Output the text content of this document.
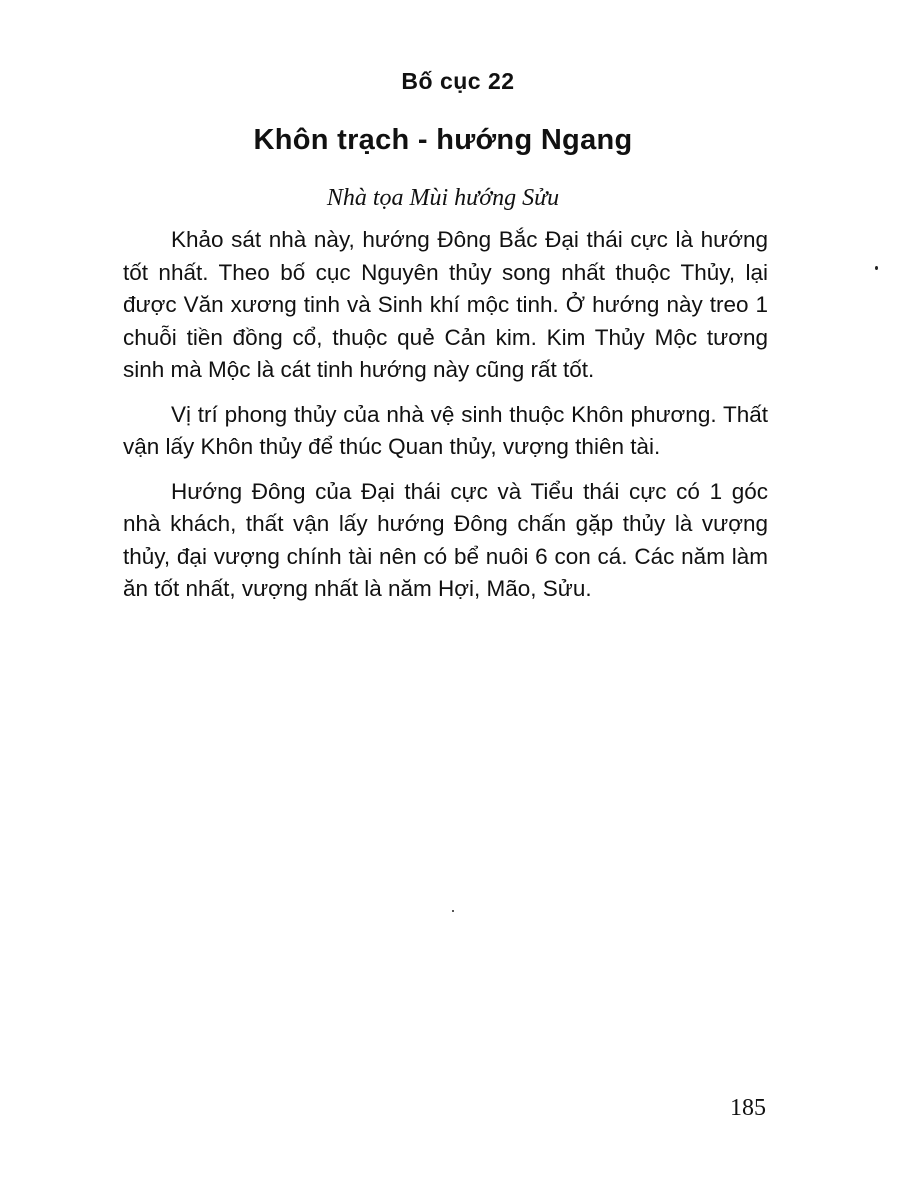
Bố cục 22
Khôn trạch - hướng Ngang
Nhà tọa Mùi hướng Sửu

Khảo sát nhà này, hướng Đông Bắc Đại thái cực là hướng tốt nhất. Theo bố cục Nguyên thủy song nhất thuộc Thủy, lại được Văn xương tinh và Sinh khí mộc tinh. Ở hướng này treo 1 chuỗi tiền đồng cổ, thuộc quẻ Cản kim. Kim Thủy Mộc tương sinh mà Mộc là cát tinh hướng này cũng rất tốt.

Vị trí phong thủy của nhà vệ sinh thuộc Khôn phương. Thất vận lấy Khôn thủy để thúc Quan thủy, vượng thiên tài.

Hướng Đông của Đại thái cực và Tiểu thái cực có 1 góc nhà khách, thất vận lấy hướng Đông chấn gặp thủy là vượng thủy, đại vượng chính tài nên có bể nuôi 6 con cá. Các năm làm ăn tốt nhất, vượng nhất là năm Hợi, Mão, Sửu.

185
